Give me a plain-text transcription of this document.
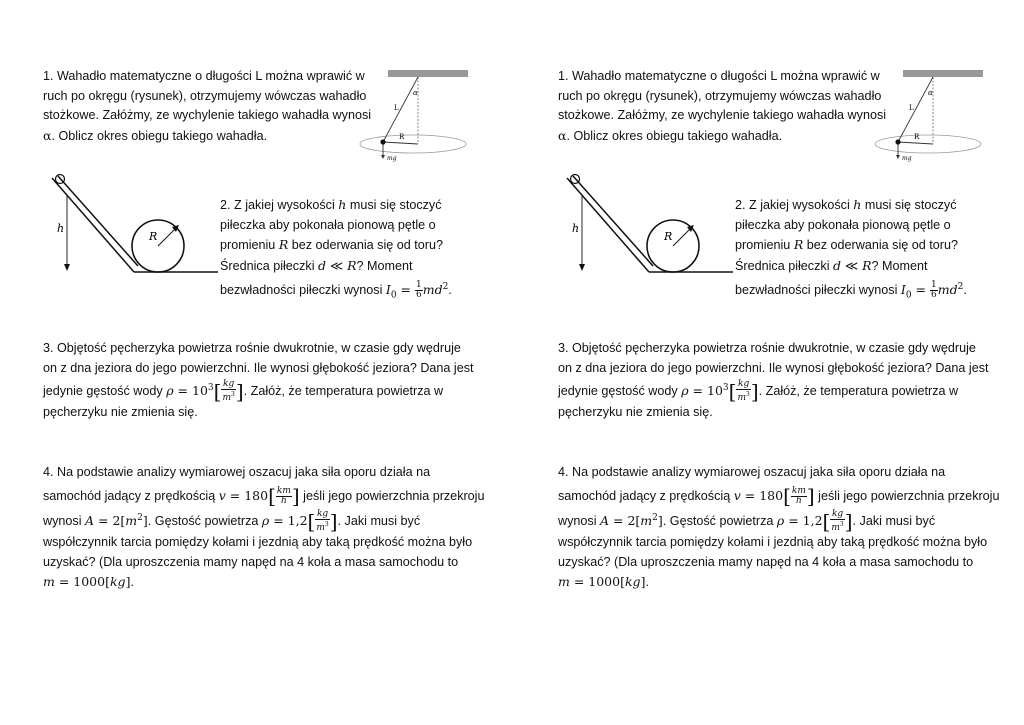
1. Wahadło matematyczne o długości L można wprawić w
ruch po okręgu (rysunek), otrzymujemy wówczas wahadło
stożkowe. Załóżmy, ze wychylenie takiego wahadła wynosi
α. Oblicz okres obiegu takiego wahadła.
α
L
R
mg
R
h
2. Z jakiej wysokości h musi się stoczyć
piłeczka aby pokonała pionową pętle o
promieniu R bez oderwania się od toru?
Średnica piłeczki d ≪ R? Moment
bezwładności piłeczki wynosi $I_0 = \frac{1}{6} md^2$.
3. Objętość pęcherzyka powietrza rośnie dwukrotnie, w czasie gdy wędruje
on z dna jeziora do jego powierzchni. Ile wynosi głębokość jeziora? Dana jest
jedynie gęstość wody $\rho = 10^3[ \frac{kg}{m^3}$ ]. Załóż, że temperatura powietrza w
pęcherzyku nie zmienia się.
4. Na podstawie analizy wymiarowej oszacuj jaka siła oporu działa na
samochód jadący z prędkością $v = 180[ \frac{km}{h}$ ] jeśli jego powierzchnia przekroju
wynosi $A = 2[m^2]$. Gęstość powietrza $\rho = 1,2[ \frac{kg}{m^3}$ ]. Jaki musi być
współczynnik tarcia pomiędzy kołami i jezdnią aby taką prędkość można było
uzyskać? (Dla uproszczenia mamy napęd na 4 koła a masa samochodu to
m = 1000[kg].
1. Wahadło matematyczne o długości L można wprawić w
ruch po okręgu (rysunek), otrzymujemy wówczas wahadło
stożkowe. Załóżmy, ze wychylenie takiego wahadła wynosi
α. Oblicz okres obiegu takiego wahadła.
α
L
R
mg
R
h
2. Z jakiej wysokości h musi się stoczyć
piłeczka aby pokonała pionową pętle o
promieniu R bez oderwania się od toru?
Średnica piłeczki d ≪ R? Moment
bezwładności piłeczki wynosi $I_0 = \frac{1}{6} md^2$.
3. Objętość pęcherzyka powietrza rośnie dwukrotnie, w czasie gdy wędruje
on z dna jeziora do jego powierzchni. Ile wynosi głębokość jeziora? Dana jest
jedynie gęstość wody $\rho = 10^3[ \frac{kg}{m^3}$ ]. Załóż, że temperatura powietrza w
pęcherzyku nie zmienia się.
4. Na podstawie analizy wymiarowej oszacuj jaka siła oporu działa na
samochód jadący z prędkością $v = 180[ \frac{km}{h}$ ] jeśli jego powierzchnia przekroju
wynosi $A = 2[m^2]$. Gęstość powietrza $\rho = 1,2[ \frac{kg}{m^3}$ ]. Jaki musi być
współczynnik tarcia pomiędzy kołami i jezdnią aby taką prędkość można było
uzyskać? (Dla uproszczenia mamy napęd na 4 koła a masa samochodu to
m = 1000[kg].
